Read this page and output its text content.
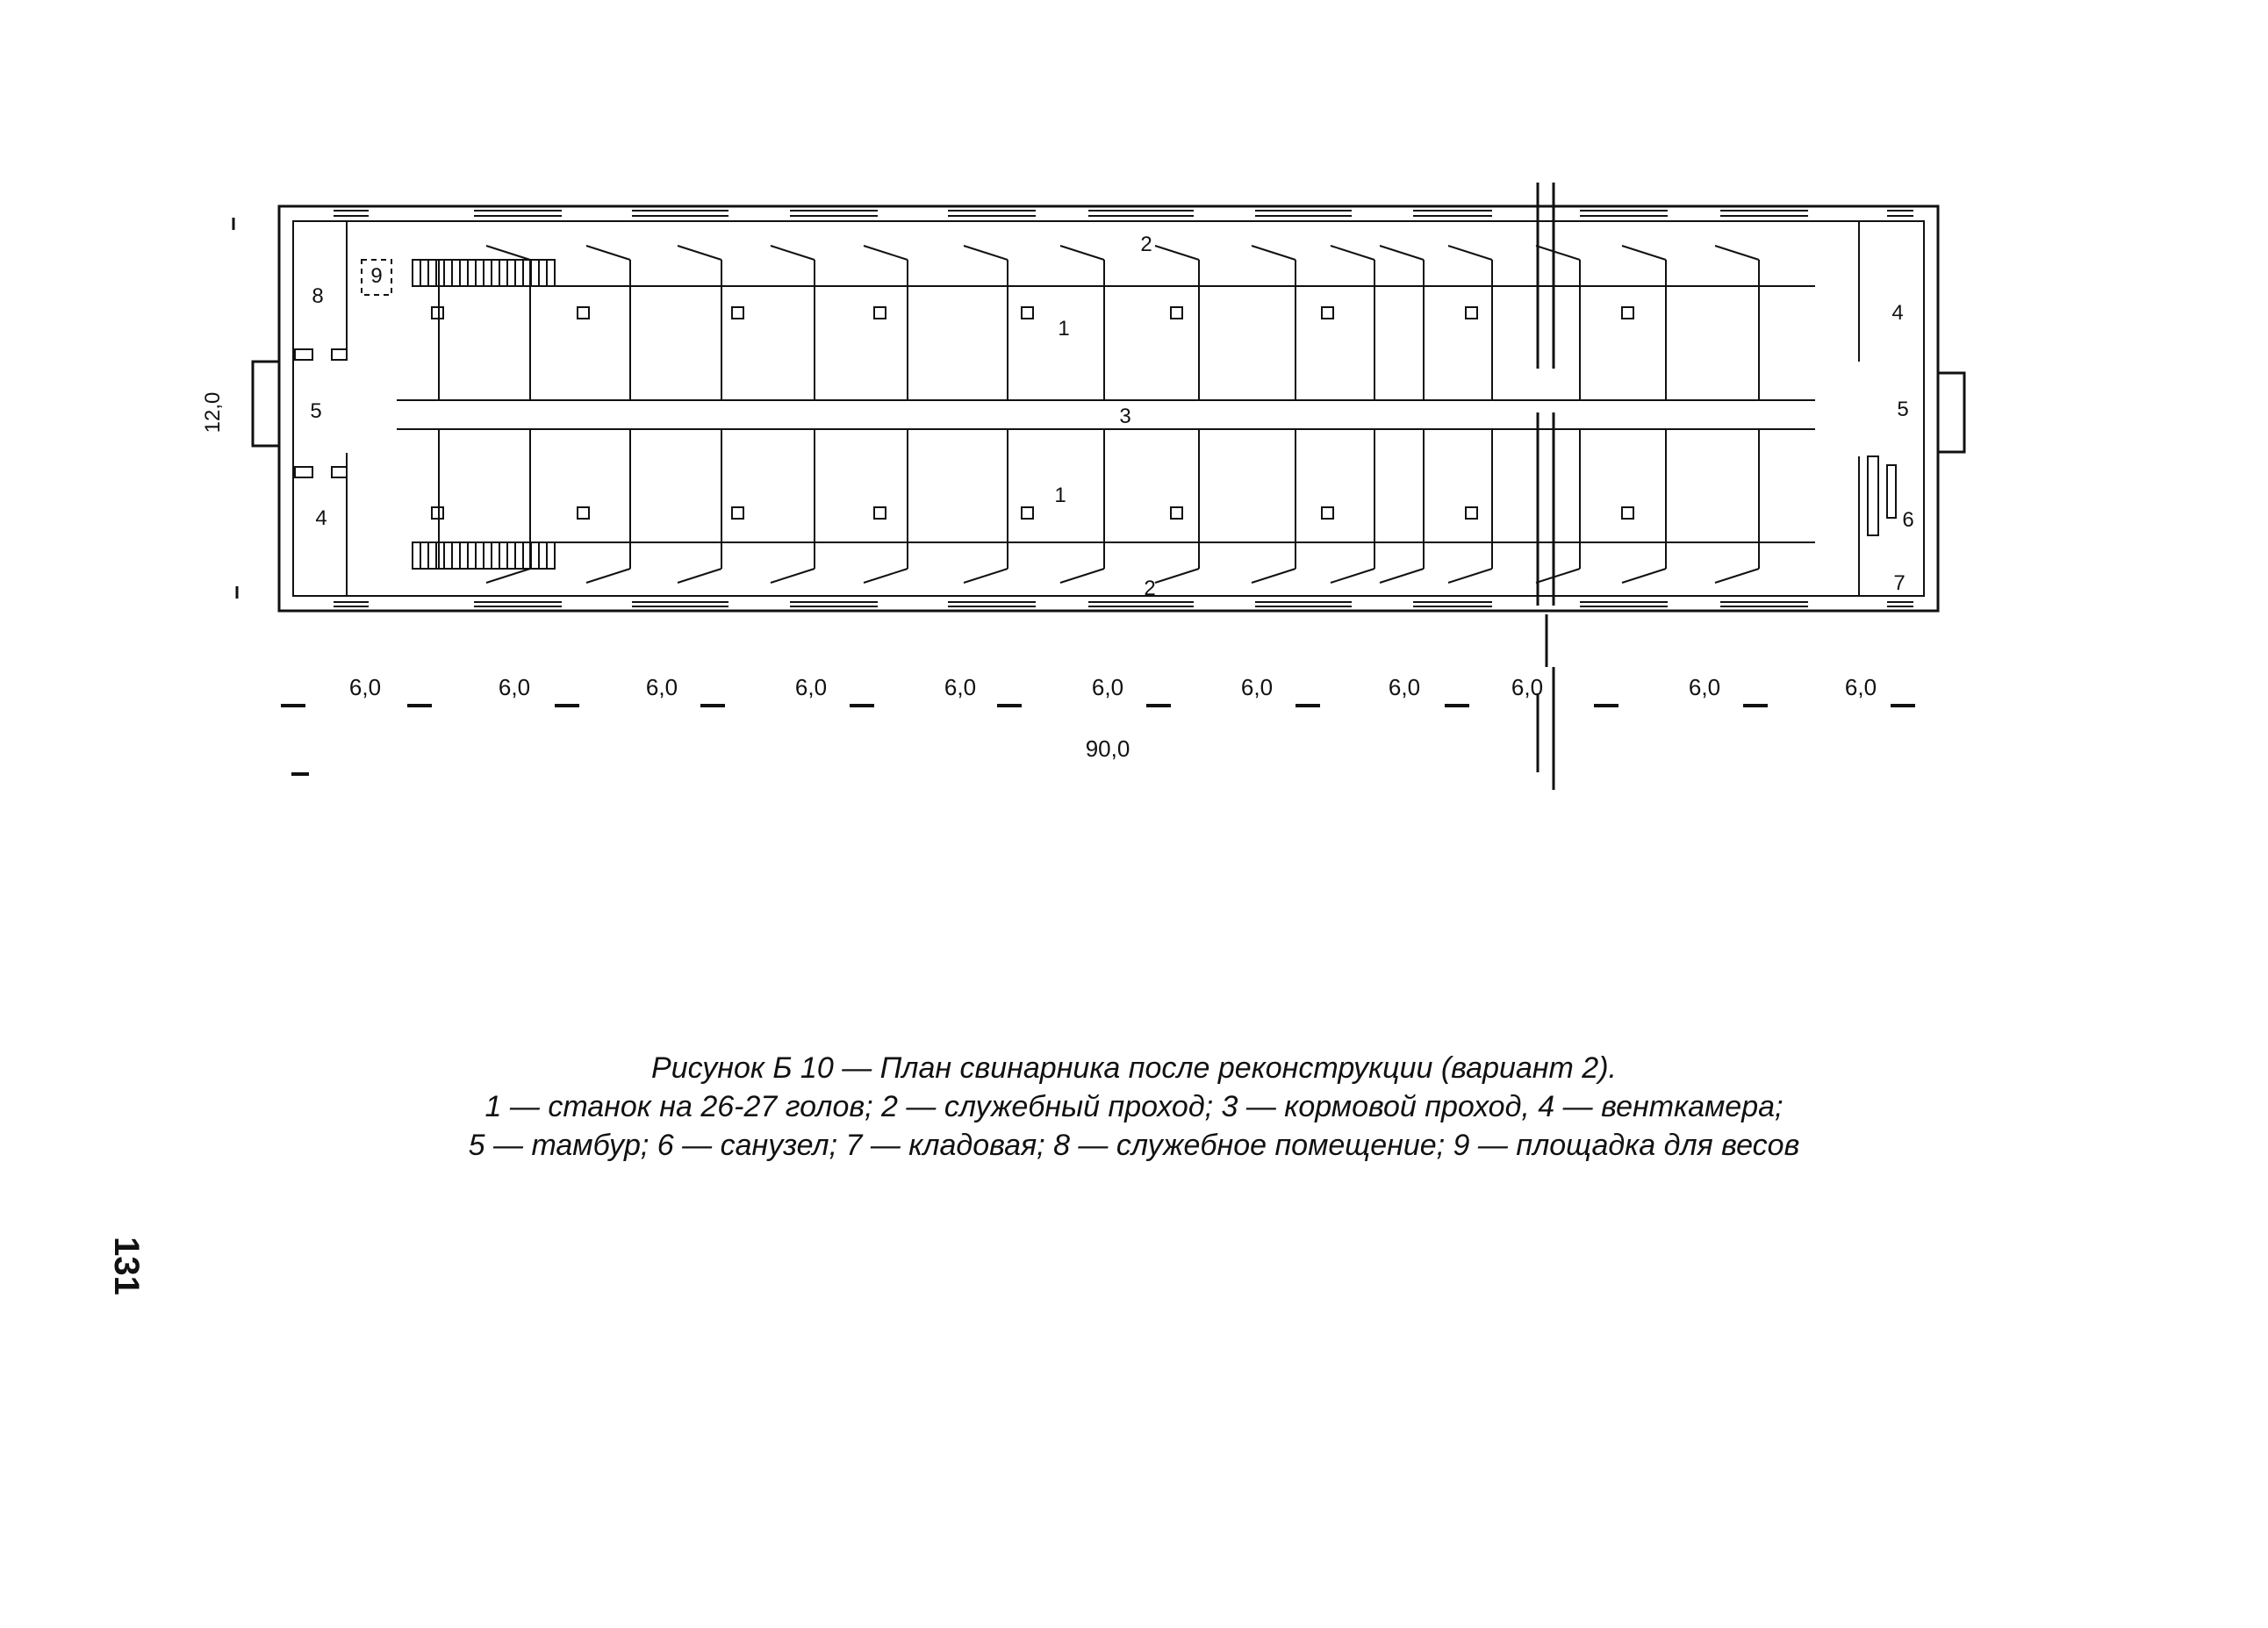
6,0	6,0	6,0	6,0	6,0	6,0	6,0	6,0	6,0	6,0	6,0
12,0
8
9
5
4
2
1
3
1
2
4
5
6
7
90,0
Рисунок Б 10 — План свинарника после реконструкции (вариант 2).
1 — станок на 26-27 голов; 2 — служебный проход; 3 — кормовой проход, 4 — венткамера;
5 — тамбур; 6 — санузел; 7 — кладовая; 8 — служебное помещение; 9 — площадка для весов
131
